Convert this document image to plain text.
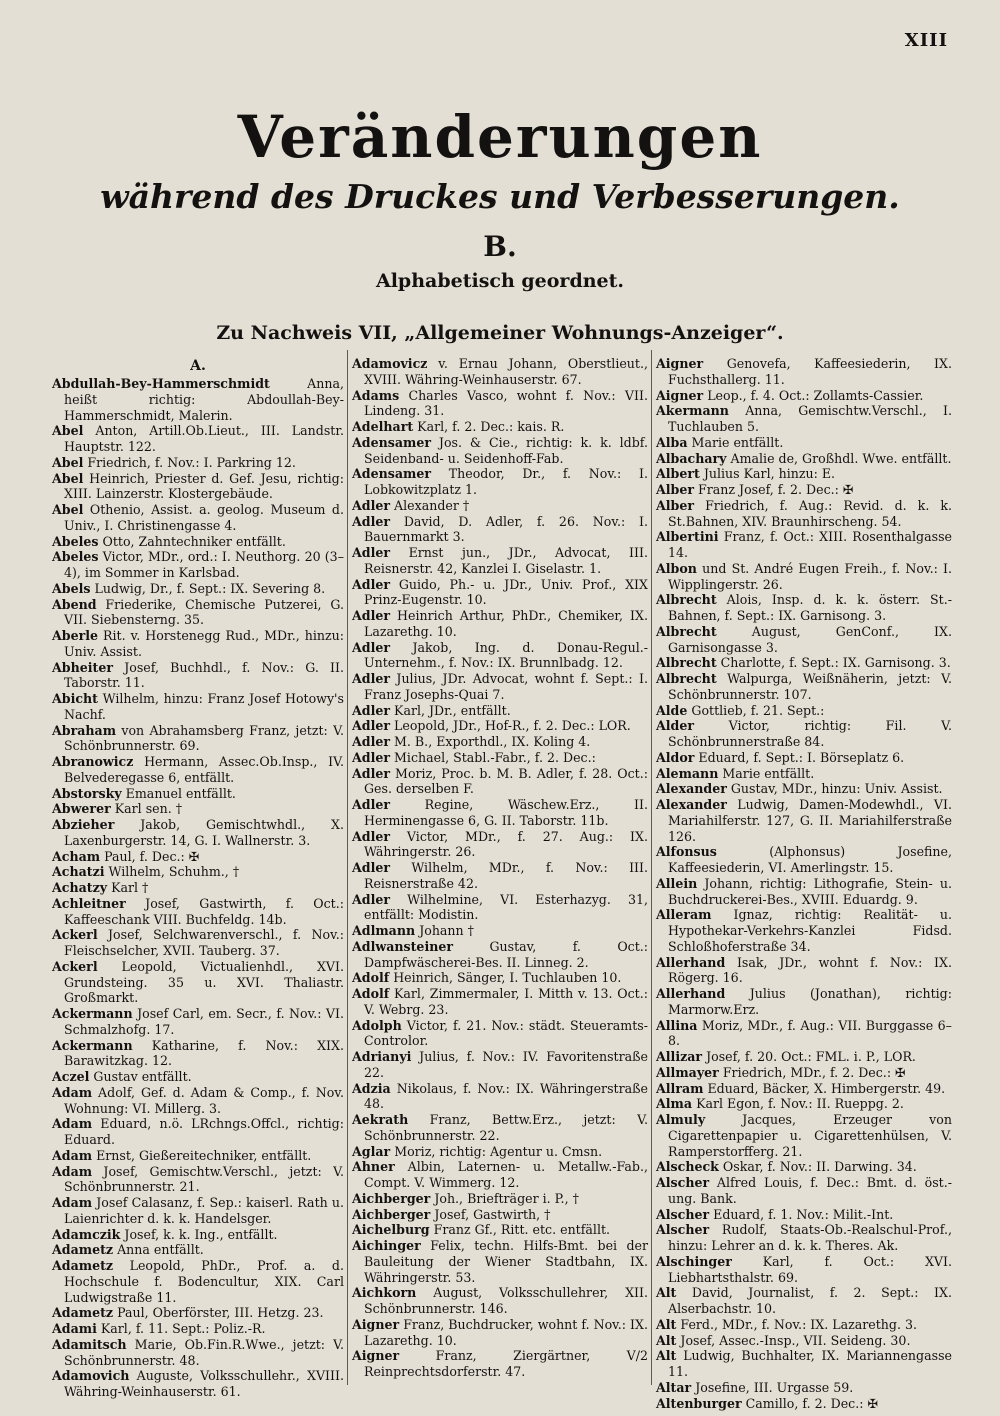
XIII
Veränderungen
während des Druckes und Verbesserungen.
B.
Alphabetisch geordnet.
Zu Nachweis VII, „Allgemeiner Wohnungs-Anzeiger“.
A.

Abdullah-Bey-Hammerschmidt	Anna, heißt richtig: Abdoullah-Bey-Hammerschmidt, Malerin.

Abel Anton, Artill.Ob.Lieut., III. Landstr. Hauptstr. 122.

Abel Friedrich, f. Nov.: I. Parkring 12.

Abel Heinrich, Priester d. Gef. Jesu, richtig: XIII. Lainzerstr. Klostergebäude.

Abel Othenio, Assist. a. geolog. Museum d. Univ., I. Christinengasse 4.

Abeles Otto, Zahntechniker entfällt.

Abeles Victor, MDr., ord.: I. Neuthorg. 20 (3–4), im Sommer in Karlsbad.

Abels Ludwig, Dr., f. Sept.: IX. Severing 8.

Abend Friederike, Chemische Putzerei, G. VII. Siebensterng. 35.

Aberle Rit. v. Horstenegg Rud., MDr., hinzu: Univ. Assist.

Abheiter Josef, Buchhdl., f. Nov.: G. II. Taborstr. 11.

Abicht Wilhelm, hinzu: Franz Josef Hotowy's Nachf.

Abraham von Abrahamsberg Franz, jetzt: V. Schönbrunnerstr. 69.

Abranowicz Hermann, Assec.Ob.Insp., IV. Belvederegasse 6, entfällt.

Abstorsky Emanuel entfällt.

Abwerer Karl sen. †

Abzieher Jakob, Gemischtwhdl., X. Laxenburgerstr. 14, G. I. Wallnerstr. 3.

Acham Paul, f. Dec.: ✠

Achatzi Wilhelm, Schuhm., †

Achatzy Karl †

Achleitner Josef, Gastwirth, f. Oct.: Kaffeeschank VIII. Buchfeldg. 14b.

Ackerl Josef, Selchwarenverschl., f. Nov.: Fleischselcher, XVII. Tauberg. 37.

Ackerl Leopold, Victualienhdl., XVI. Grundsteing. 35 u. XVI. Thaliastr. Großmarkt.

Ackermann Josef Carl, em. Secr., f. Nov.: VI. Schmalzhofg. 17.

Ackermann Katharine, f. Nov.: XIX. Barawitzkag. 12.

Aczel Gustav entfällt.

Adam Adolf, Gef. d. Adam & Comp., f. Nov. Wohnung: VI. Millerg. 3.

Adam Eduard, n.ö. LRchngs.Offcl., richtig: Eduard.

Adam Ernst, Gießereitechniker, entfällt.

Adam Josef, Gemischtw.Verschl., jetzt: V. Schönbrunnerstr. 21.

Adam Josef Calasanz, f. Sep.: kaiserl. Rath u. Laienrichter d. k. k. Handelsger.

Adamczik Josef, k. k. Ing., entfällt.

Adametz Anna entfällt.

Adametz Leopold, PhDr., Prof. a. d. Hochschule f. Bodencultur, XIX. Carl Ludwigstraße 11.

Adametz Paul, Oberförster, III. Hetzg. 23.

Adami Karl, f. 11. Sept.: Poliz.-R.

Adamitsch Marie, Ob.Fin.R.Wwe., jetzt: V. Schönbrunnerstr. 48.

Adamovich Auguste, Volksschullehr., XVIII. Währing-Weinhauserstr. 61.

Adamovicz v. Ernau Johann, Oberstlieut., XVIII. Währing-Weinhauserstr. 67.

Adams Charles Vasco, wohnt f. Nov.: VII. Lindeng. 31.

Adelhart Karl, f. 2. Dec.: kais. R.

Adensamer Jos. & Cie., richtig: k. k. ldbf. Seidenband- u. Seidenhoff-Fab.

Adensamer Theodor, Dr., f. Nov.: I. Lobkowitzplatz 1.

Adler Alexander †

Adler David, D. Adler, f. 26. Nov.: I. Bauernmarkt 3.

Adler Ernst jun., JDr., Advocat, III. Reisnerstr. 42, Kanzlei I. Giselastr. 1.

Adler Guido, Ph.- u. JDr., Univ. Prof., XIX Prinz-Eugenstr. 10.

Adler Heinrich Arthur, PhDr., Chemiker, IX. Lazarethg. 10.

Adler Jakob, Ing. d. Donau-Regul.-Unternehm., f. Nov.: IX. Brunnlbadg. 12.

Adler Julius, JDr. Advocat, wohnt f. Sept.: I. Franz Josephs-Quai 7.

Adler Karl, JDr., entfällt.

Adler Leopold, JDr., Hof-R., f. 2. Dec.: LOR.

Adler M. B., Exporthdl., IX. Koling 4.

Adler Michael, Stabl.-Fabr., f. 2. Dec.:

Adler Moriz, Proc. b. M. B. Adler, f. 28. Oct.: Ges. derselben F.

Adler	Regine, Wäschew.Erz., II. Herminengasse 6, G. II. Taborstr. 11b.

Adler Victor, MDr., f. 27. Aug.: IX. Währingerstr. 26.

Adler Wilhelm, MDr., f. Nov.: III. Reisnerstraße 42.

Adler Wilhelmine, VI. Esterhazyg. 31, entfällt: Modistin.

Adlmann Johann †

Adlwansteiner	Gustav, f. Oct.: Dampfwäscherei-Bes. II. Linneg. 2.

Adolf Heinrich, Sänger, I. Tuchlauben 10.

Adolf Karl, Zimmermaler, I. Mitth v. 13. Oct.: V. Webrg. 23.

Adolph Victor, f. 21. Nov.: städt. Steueramts-Controlor.

Adrianyi Julius, f. Nov.: IV. Favoritenstraße 22.

Adzia Nikolaus, f. Nov.: IX. Währingerstraße 48.

Aekrath Franz, Bettw.Erz., jetzt: V. Schönbrunnerstr. 22.

Aglar Moriz, richtig: Agentur u. Cmsn.

Ahner Albin, Laternen- u. Metallw.-Fab., Compt. V. Wimmerg. 12.

Aichberger Joh., Briefträger i. P., †

Aichberger Josef, Gastwirth, †

Aichelburg Franz Gf., Ritt. etc. entfällt.

Aichinger Felix, techn. Hilfs-Bmt. bei der Bauleitung der Wiener Stadtbahn, IX. Währingerstr. 53.

Aichkorn August, Volksschullehrer, XII. Schönbrunnerstr. 146.

Aigner Franz, Buchdrucker, wohnt f. Nov.: IX. Lazarethg. 10.

Aigner	Franz, Ziergärtner, V/2 Reinprechtsdorferstr. 47.

Aigner Genovefa, Kaffeesiederin, IX. Fuchsthallerg. 11.

Aigner Leop., f. 4. Oct.: Zollamts-Cassier.

Akermann Anna, Gemischtw.Verschl., I. Tuchlauben 5.

Alba Marie entfällt.

Albachary Amalie de, Großhdl. Wwe. entfällt.

Albert Julius Karl, hinzu: E.

Alber Franz Josef, f. 2. Dec.: ✠

Alber Friedrich, f. Aug.: Revid. d. k. k. St.Bahnen, XIV. Braunhirscheng. 54.

Albertini Franz, f. Oct.: XIII. Rosenthalgasse 14.

Albon und St. André Eugen Freih., f. Nov.: I. Wipplingerstr. 26.

Albrecht Alois, Insp. d. k. k. österr. St.-Bahnen, f. Sept.: IX. Garnisong. 3.

Albrecht	August, GenConf., IX. Garnisongasse 3.

Albrecht Charlotte, f. Sept.: IX. Garnisong. 3.

Albrecht Walpurga, Weißnäherin, jetzt: V. Schönbrunnerstr. 107.

Alde Gottlieb, f. 21. Sept.:

Alder	Victor, richtig: Fil. V. Schönbrunnerstraße 84.

Aldor Eduard, f. Sept.: I. Börseplatz 6.

Alemann Marie entfällt.

Alexander Gustav, MDr., hinzu: Univ. Assist.

Alexander Ludwig, Damen-Modewhdl., VI. Mariahilferstr. 127, G. II. Mariahilferstraße 126.

Alfonsus	(Alphonsus) Josefine, Kaffeesiederin, VI. Amerlingstr. 15.

Allein Johann, richtig: Lithografie, Stein- u. Buchdruckerei-Bes., XVIII. Eduardg. 9.

Alleram Ignaz, richtig: Realität- u. Hypothekar-Verkehrs-Kanzlei Fidsd. Schloßhoferstraße 34.

Allerhand Isak, JDr., wohnt f. Nov.: IX. Rögerg. 16.

Allerhand Julius (Jonathan), richtig: Marmorw.Erz.

Allina Moriz, MDr., f. Aug.: VII. Burggasse 6–8.

Allizar Josef, f. 20. Oct.: FML. i. P., LOR.

Allmayer Friedrich, MDr., f. 2. Dec.: ✠

Allram Eduard, Bäcker, X. Himbergerstr. 49.

Alma Karl Egon, f. Nov.: II. Rueppg. 2.

Almuly	Jacques, Erzeuger von Cigarettenpapier u. Cigarettenhülsen, V. Ramperstorfferg. 21.

Alscheck Oskar, f. Nov.: II. Darwing. 34.

Alscher Alfred Louis, f. Dec.: Bmt. d. öst.-ung. Bank.

Alscher Eduard, f. 1. Nov.: Milit.-Int.

Alscher Rudolf, Staats-Ob.-Realschul-Prof., hinzu: Lehrer an d. k. k. Theres. Ak.

Alschinger Karl, f. Oct.: XVI. Liebhartsthalstr. 69.

Alt David, Journalist, f. 2. Sept.: IX. Alserbachstr. 10.

Alt Ferd., MDr., f. Nov.: IX. Lazarethg. 3.

Alt Josef, Assec.-Insp., VII. Seideng. 30.

Alt Ludwig, Buchhalter, IX. Mariannengasse 11.

Altar Josefine, III. Urgasse 59.

Altenburger Camillo, f. 2. Dec.: ✠
